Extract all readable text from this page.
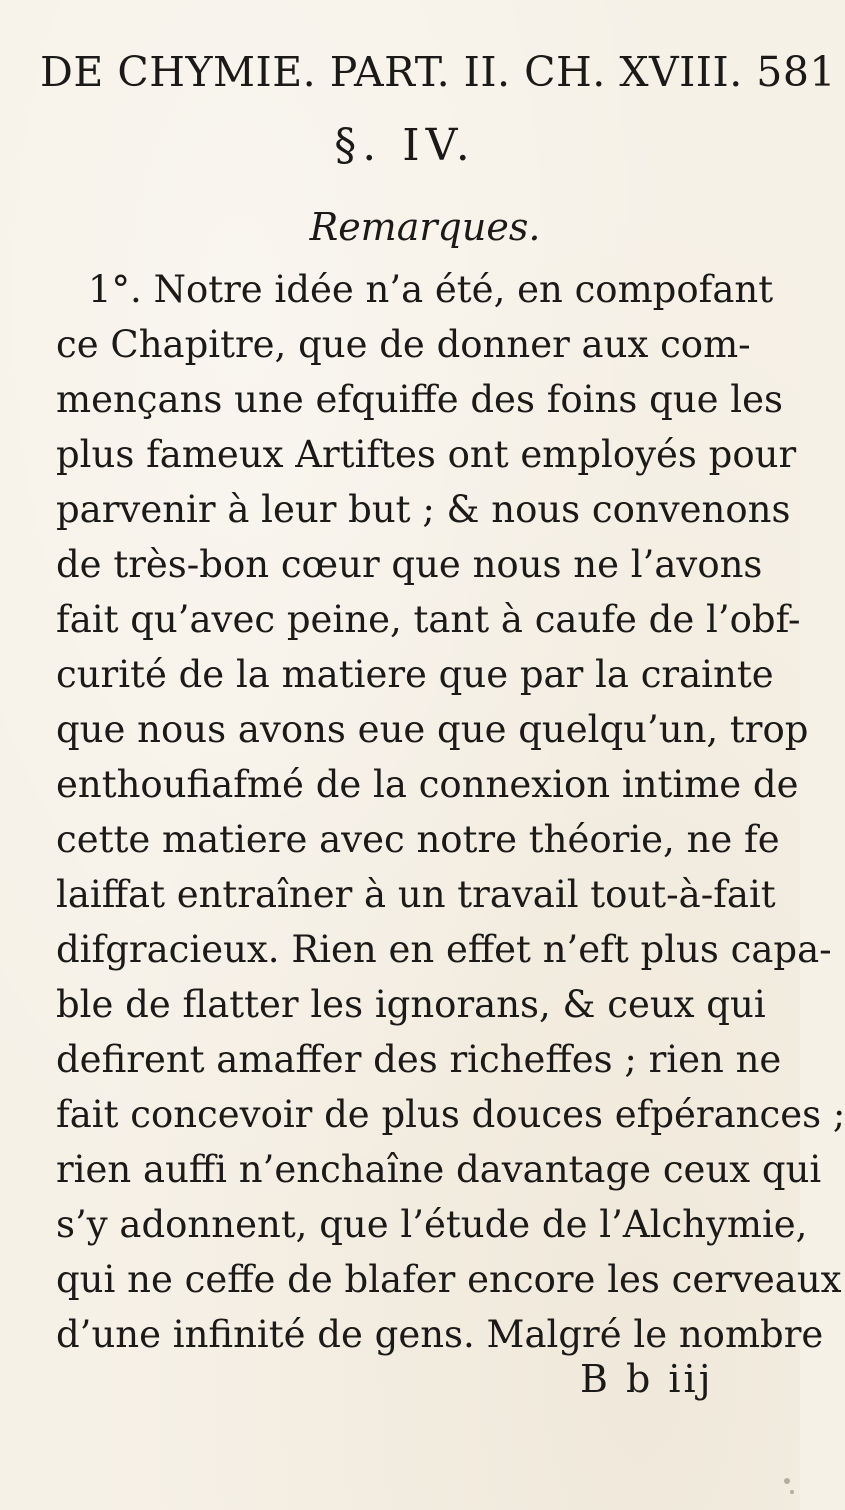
DE CHYMIE. PART. II. CH. XVIII. 581
§. IV.
Remarques.
1°. Notre idée n’a été, en compofant
ce Chapitre, que de donner aux com-
mençans une efquiffe des foins que les
plus fameux Artiftes ont employés pour
parvenir à leur but ; & nous convenons
de très-bon cœur que nous ne l’avons
fait qu’avec peine, tant à caufe de l’obf-
curité de la matiere que par la crainte
que nous avons eue que quelqu’un, trop
enthoufiafmé de la connexion intime de
cette matiere avec notre théorie, ne fe
laiffat entraîner à un travail tout-à-fait
difgracieux. Rien en effet n’eft plus capa-
ble de flatter les ignorans, & ceux qui
defirent amaffer des richeffes ; rien ne
fait concevoir de plus douces efpérances ;
rien auffi n’enchaîne davantage ceux qui
s’y adonnent, que l’étude de l’Alchymie,
qui ne ceffe de blafer encore les cerveaux
d’une infinité de gens. Malgré le nombre
B b iij
